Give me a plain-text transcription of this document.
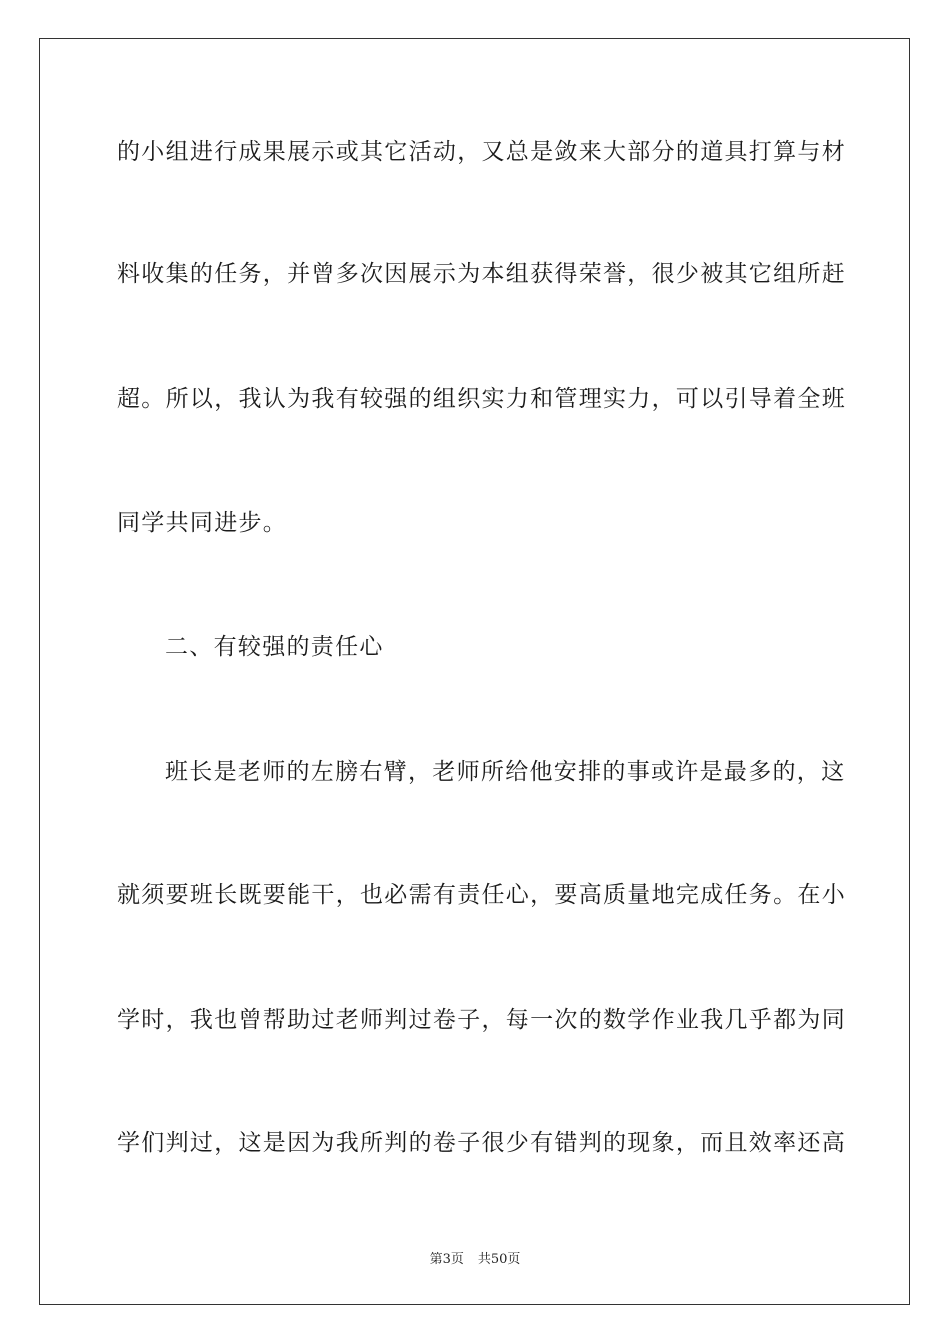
的小组进行成果展示或其它活动，又总是敛来大部分的道具打算与材

料收集的任务，并曾多次因展示为本组获得荣誉，很少被其它组所赶

超。所以，我认为我有较强的组织实力和管理实力，可以引导着全班

同学共同进步。

二、有较强的责任心

班长是老师的左膀右臂，老师所给他安排的事或许是最多的，这

就须要班长既要能干，也必需有责任心，要高质量地完成任务。在小

学时，我也曾帮助过老师判过卷子，每一次的数学作业我几乎都为同

学们判过，这是因为我所判的卷子很少有错判的现象，而且效率还高

第3页 共50页
